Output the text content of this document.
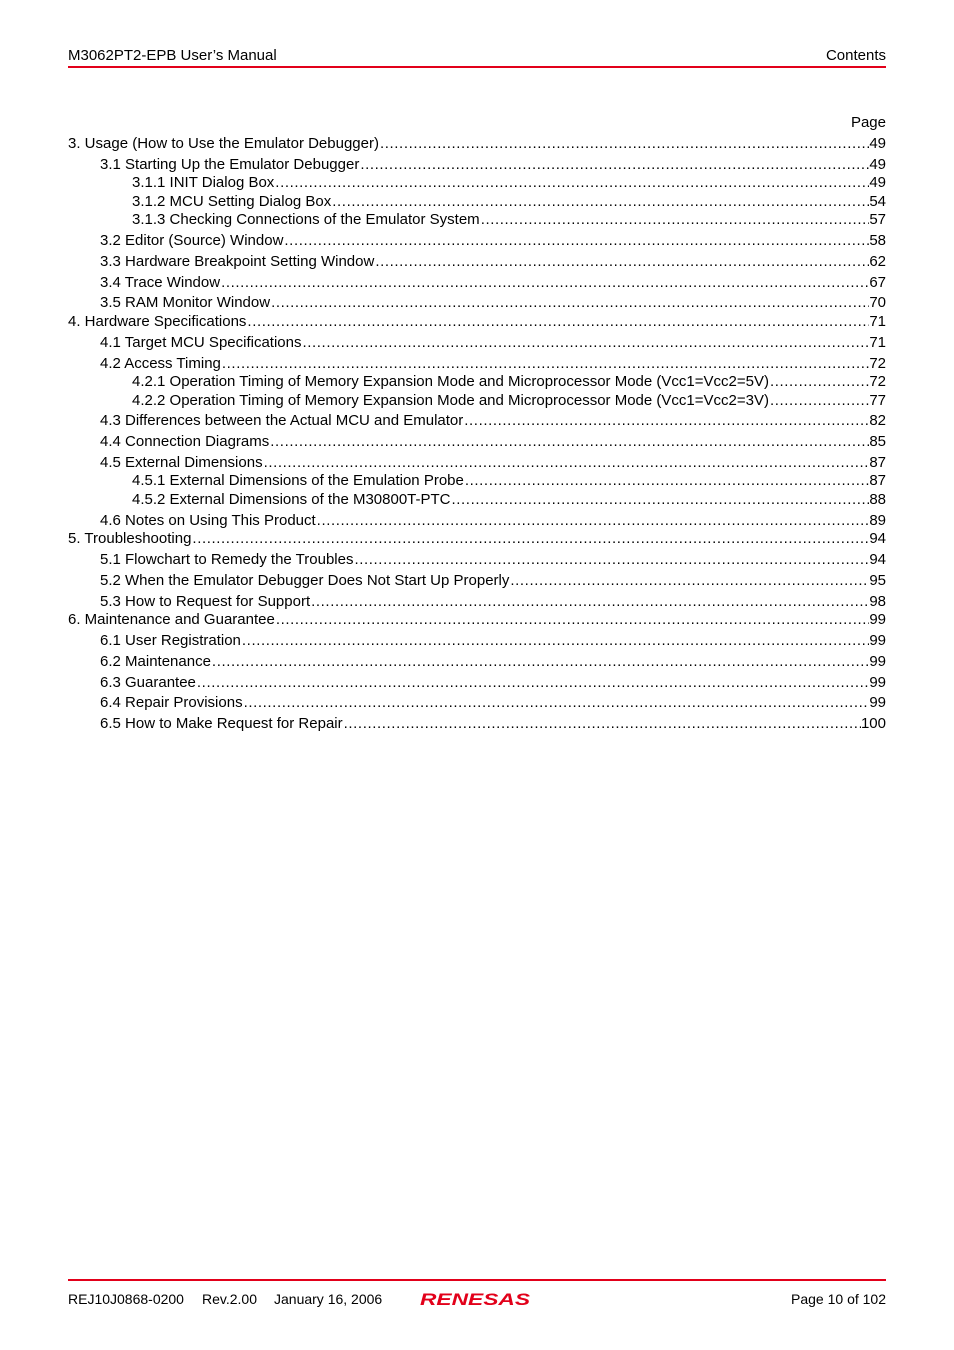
M3062PT2-EPB User’s Manual	Contents
Page
3. Usage (How to Use the Emulator Debugger) .....	49
3.1 Starting Up the Emulator Debugger .....	49
3.1.1 INIT Dialog Box .....	49
3.1.2 MCU Setting Dialog Box .....	54
3.1.3 Checking Connections of the Emulator System .....	57
3.2 Editor (Source) Window .....	58
3.3 Hardware Breakpoint Setting Window .....	62
3.4 Trace Window .....	67
3.5 RAM Monitor Window .....	70
4. Hardware Specifications .....	71
4.1 Target MCU Specifications .....	71
4.2 Access Timing .....	72
4.2.1 Operation Timing of Memory Expansion Mode and Microprocessor Mode (Vcc1=Vcc2=5V) .....	72
4.2.2 Operation Timing of Memory Expansion Mode and Microprocessor Mode (Vcc1=Vcc2=3V) .....	77
4.3 Differences between the Actual MCU and Emulator .....	82
4.4 Connection Diagrams .....	85
4.5 External Dimensions .....	87
4.5.1 External Dimensions of the Emulation Probe .....	87
4.5.2 External Dimensions of the M30800T-PTC .....	88
4.6 Notes on Using This Product .....	89
5. Troubleshooting .....	94
5.1 Flowchart to Remedy the Troubles .....	94
5.2 When the Emulator Debugger Does Not Start Up Properly .....	95
5.3 How to Request for Support .....	98
6. Maintenance and Guarantee .....	99
6.1 User Registration .....	99
6.2 Maintenance .....	99
6.3 Guarantee .....	99
6.4 Repair Provisions .....	99
6.5 How to Make Request for Repair .....	100
REJ10J0868-0200 Rev.2.00 January 16, 2006 RENESAS	Page 10 of 102
